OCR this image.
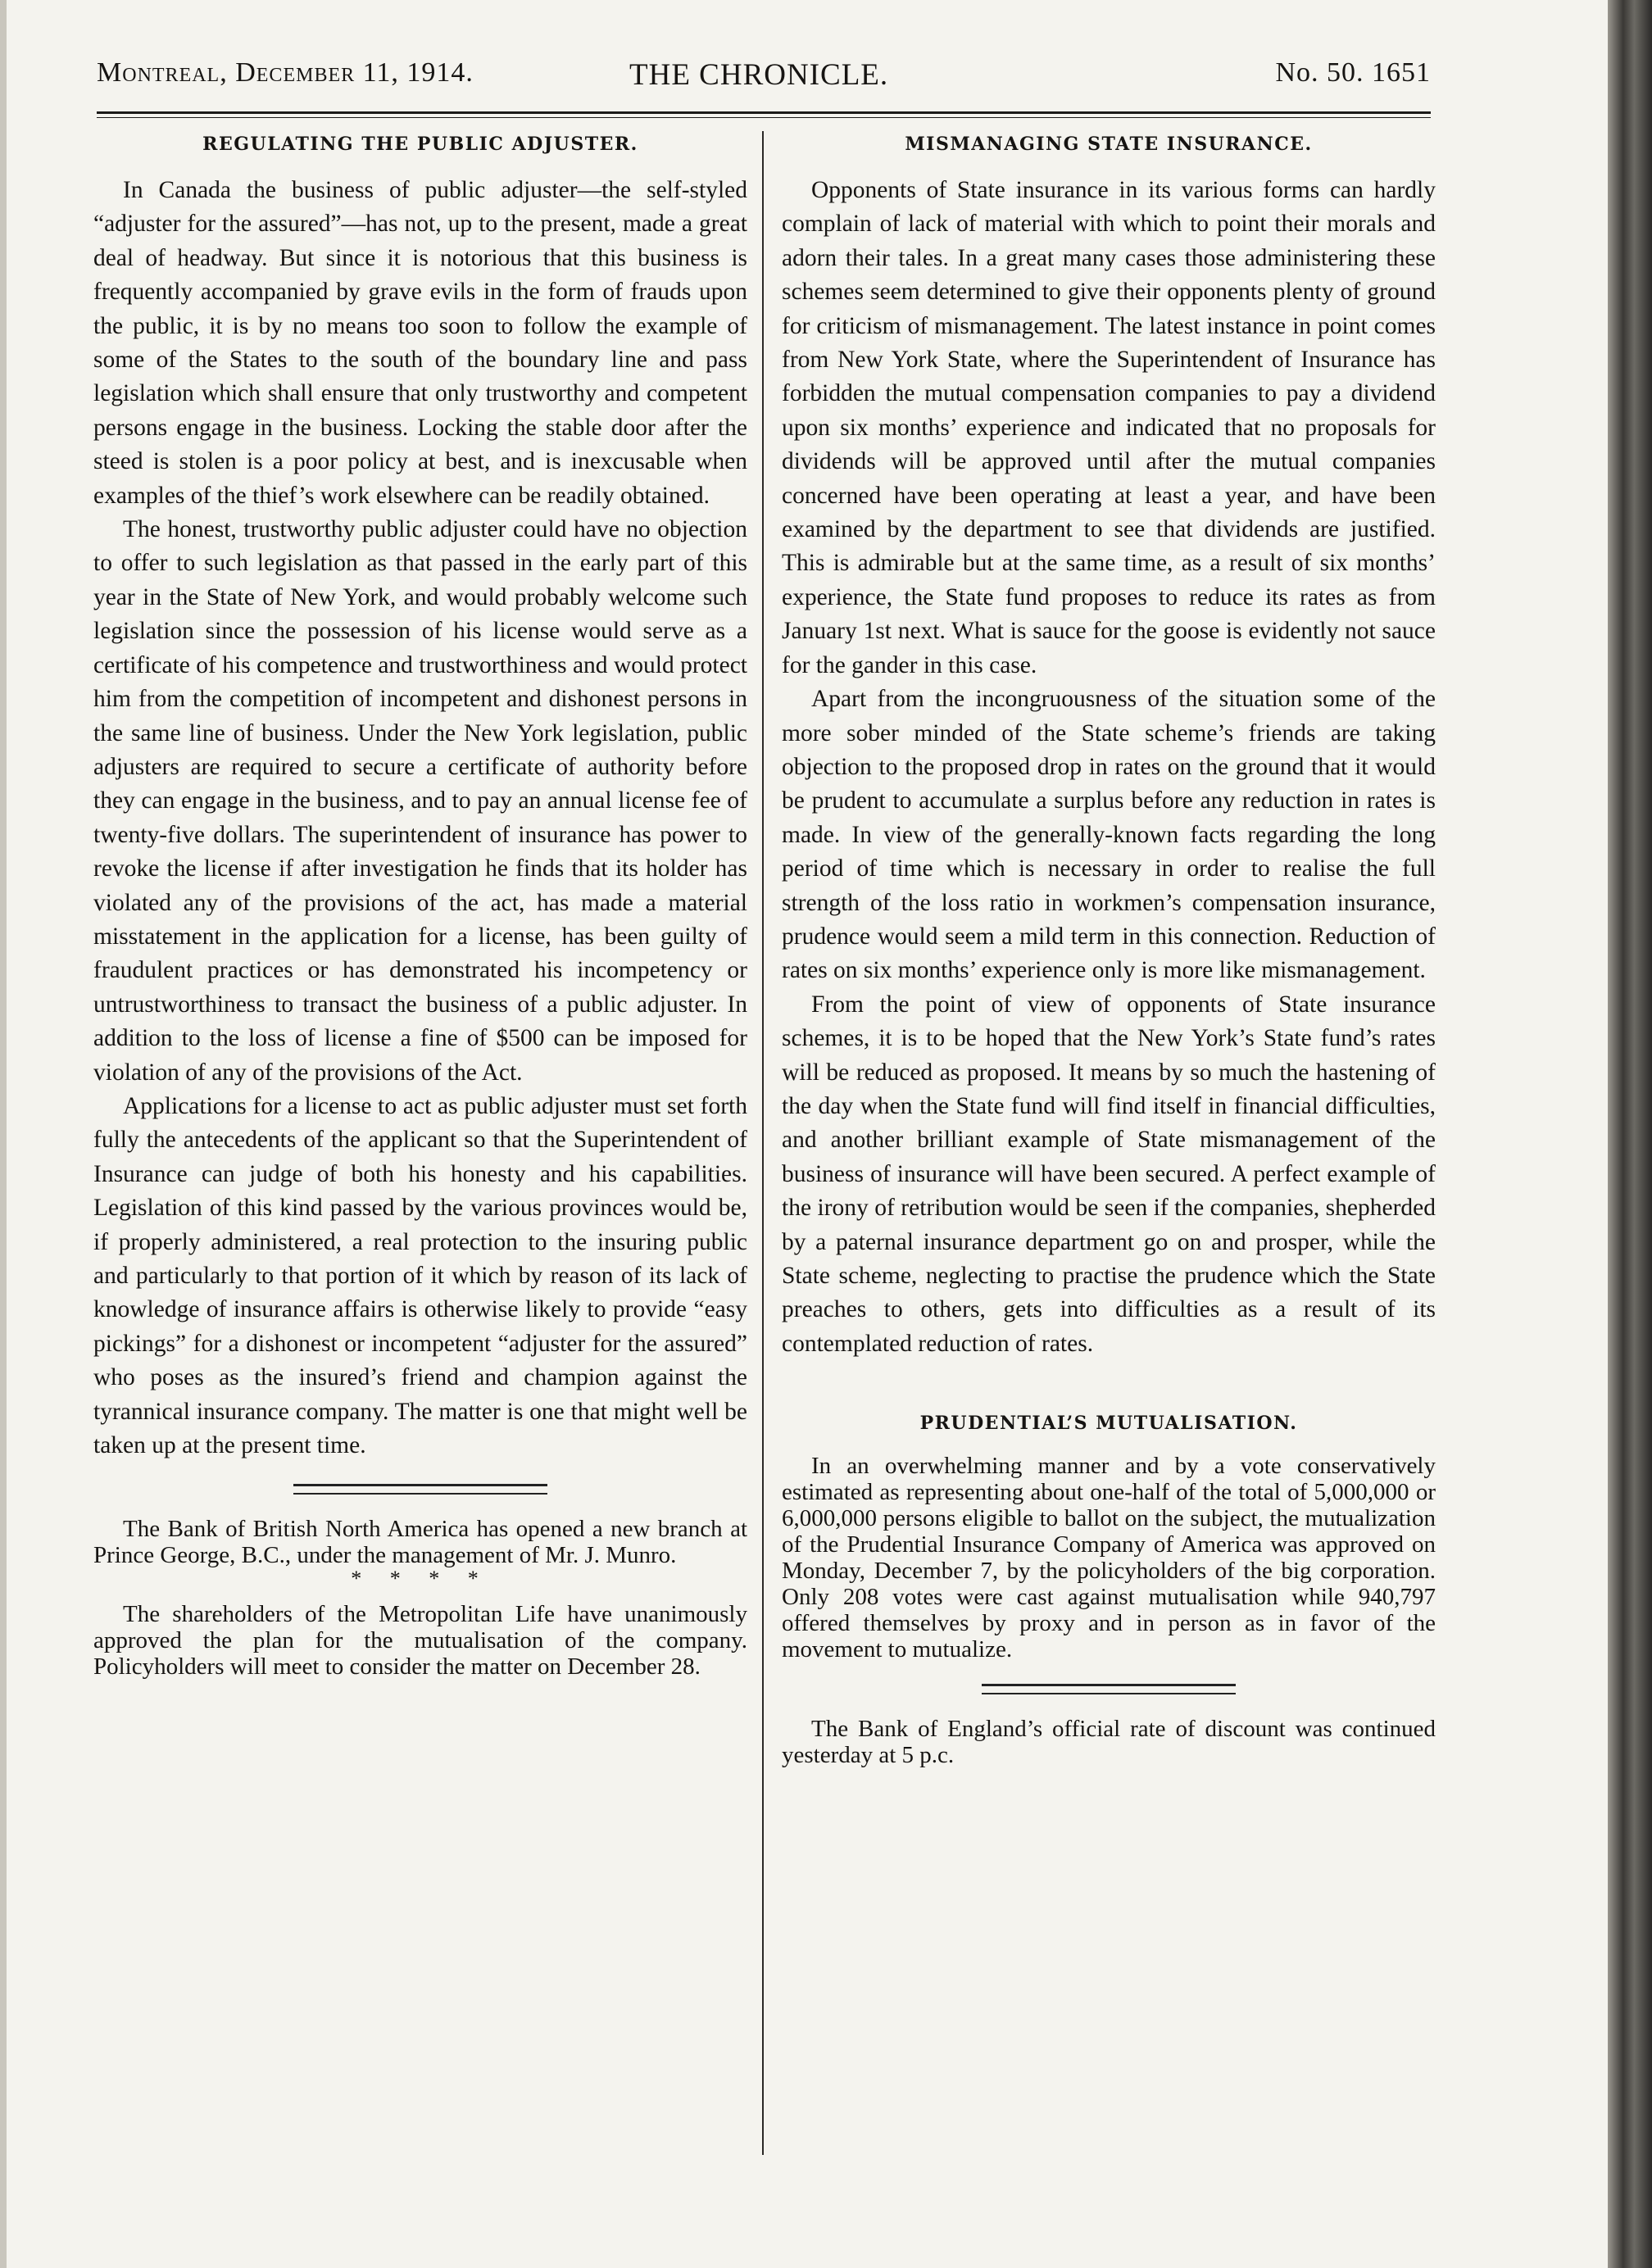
Montreal, December 11, 1914.	THE CHRONICLE.	No. 50. 1651
REGULATING THE PUBLIC ADJUSTER.

In Canada the business of public adjuster—the self-styled “adjuster for the assured”—has not, up to the present, made a great deal of headway. But since it is notorious that this business is frequently accompanied by grave evils in the form of frauds upon the public, it is by no means too soon to follow the example of some of the States to the south of the boundary line and pass legislation which shall ensure that only trustworthy and competent persons engage in the business. Locking the stable door after the steed is stolen is a poor policy at best, and is inexcusable when examples of the thief’s work elsewhere can be readily obtained.

The honest, trustworthy public adjuster could have no objection to offer to such legislation as that passed in the early part of this year in the State of New York, and would probably welcome such legislation since the possession of his license would serve as a certificate of his competence and trustworthiness and would protect him from the competition of incompetent and dishonest persons in the same line of business. Under the New York legislation, public adjusters are required to secure a certificate of authority before they can engage in the business, and to pay an annual license fee of twenty-five dollars. The superintendent of insurance has power to revoke the license if after investigation he finds that its holder has violated any of the provisions of the act, has made a material misstatement in the application for a license, has been guilty of fraudulent practices or has demonstrated his incompetency or untrustworthiness to transact the business of a public adjuster. In addition to the loss of license a fine of $500 can be imposed for violation of any of the provisions of the Act.

Applications for a license to act as public adjuster must set forth fully the antecedents of the applicant so that the Superintendent of Insurance can judge of both his honesty and his capabilities. Legislation of this kind passed by the various provinces would be, if properly administered, a real protection to the insuring public and particularly to that portion of it which by reason of its lack of knowledge of insurance affairs is otherwise likely to provide “easy pickings” for a dishonest or incompetent “adjuster for the assured” who poses as the insured’s friend and champion against the tyrannical insurance company. The matter is one that might well be taken up at the present time.

The Bank of British North America has opened a new branch at Prince George, B.C., under the management of Mr. J. Munro.

* * * *

The shareholders of the Metropolitan Life have unanimously approved the plan for the mutualisation of the company. Policyholders will meet to consider the matter on December 28.

MISMANAGING STATE INSURANCE.

Opponents of State insurance in its various forms can hardly complain of lack of material with which to point their morals and adorn their tales. In a great many cases those administering these schemes seem determined to give their opponents plenty of ground for criticism of mismanagement. The latest instance in point comes from New York State, where the Superintendent of Insurance has forbidden the mutual compensation companies to pay a dividend upon six months’ experience and indicated that no proposals for dividends will be approved until after the mutual companies concerned have been operating at least a year, and have been examined by the department to see that dividends are justified. This is admirable but at the same time, as a result of six months’ experience, the State fund proposes to reduce its rates as from January 1st next. What is sauce for the goose is evidently not sauce for the gander in this case.

Apart from the incongruousness of the situation some of the more sober minded of the State scheme’s friends are taking objection to the proposed drop in rates on the ground that it would be prudent to accumulate a surplus before any reduction in rates is made. In view of the generally-known facts regarding the long period of time which is necessary in order to realise the full strength of the loss ratio in workmen’s compensation insurance, prudence would seem a mild term in this connection. Reduction of rates on six months’ experience only is more like mismanagement.

From the point of view of opponents of State insurance schemes, it is to be hoped that the New York’s State fund’s rates will be reduced as proposed. It means by so much the hastening of the day when the State fund will find itself in financial difficulties, and another brilliant example of State mismanagement of the business of insurance will have been secured. A perfect example of the irony of retribution would be seen if the companies, shepherded by a paternal insurance department go on and prosper, while the State scheme, neglecting to practise the prudence which the State preaches to others, gets into difficulties as a result of its contemplated reduction of rates.

PRUDENTIAL’S MUTUALISATION.

In an overwhelming manner and by a vote conservatively estimated as representing about one-half of the total of 5,000,000 or 6,000,000 persons eligible to ballot on the subject, the mutualization of the Prudential Insurance Company of America was approved on Monday, December 7, by the policyholders of the big corporation. Only 208 votes were cast against mutualisation while 940,797 offered themselves by proxy and in person as in favor of the movement to mutualize.

The Bank of England’s official rate of discount was continued yesterday at 5 p.c.
